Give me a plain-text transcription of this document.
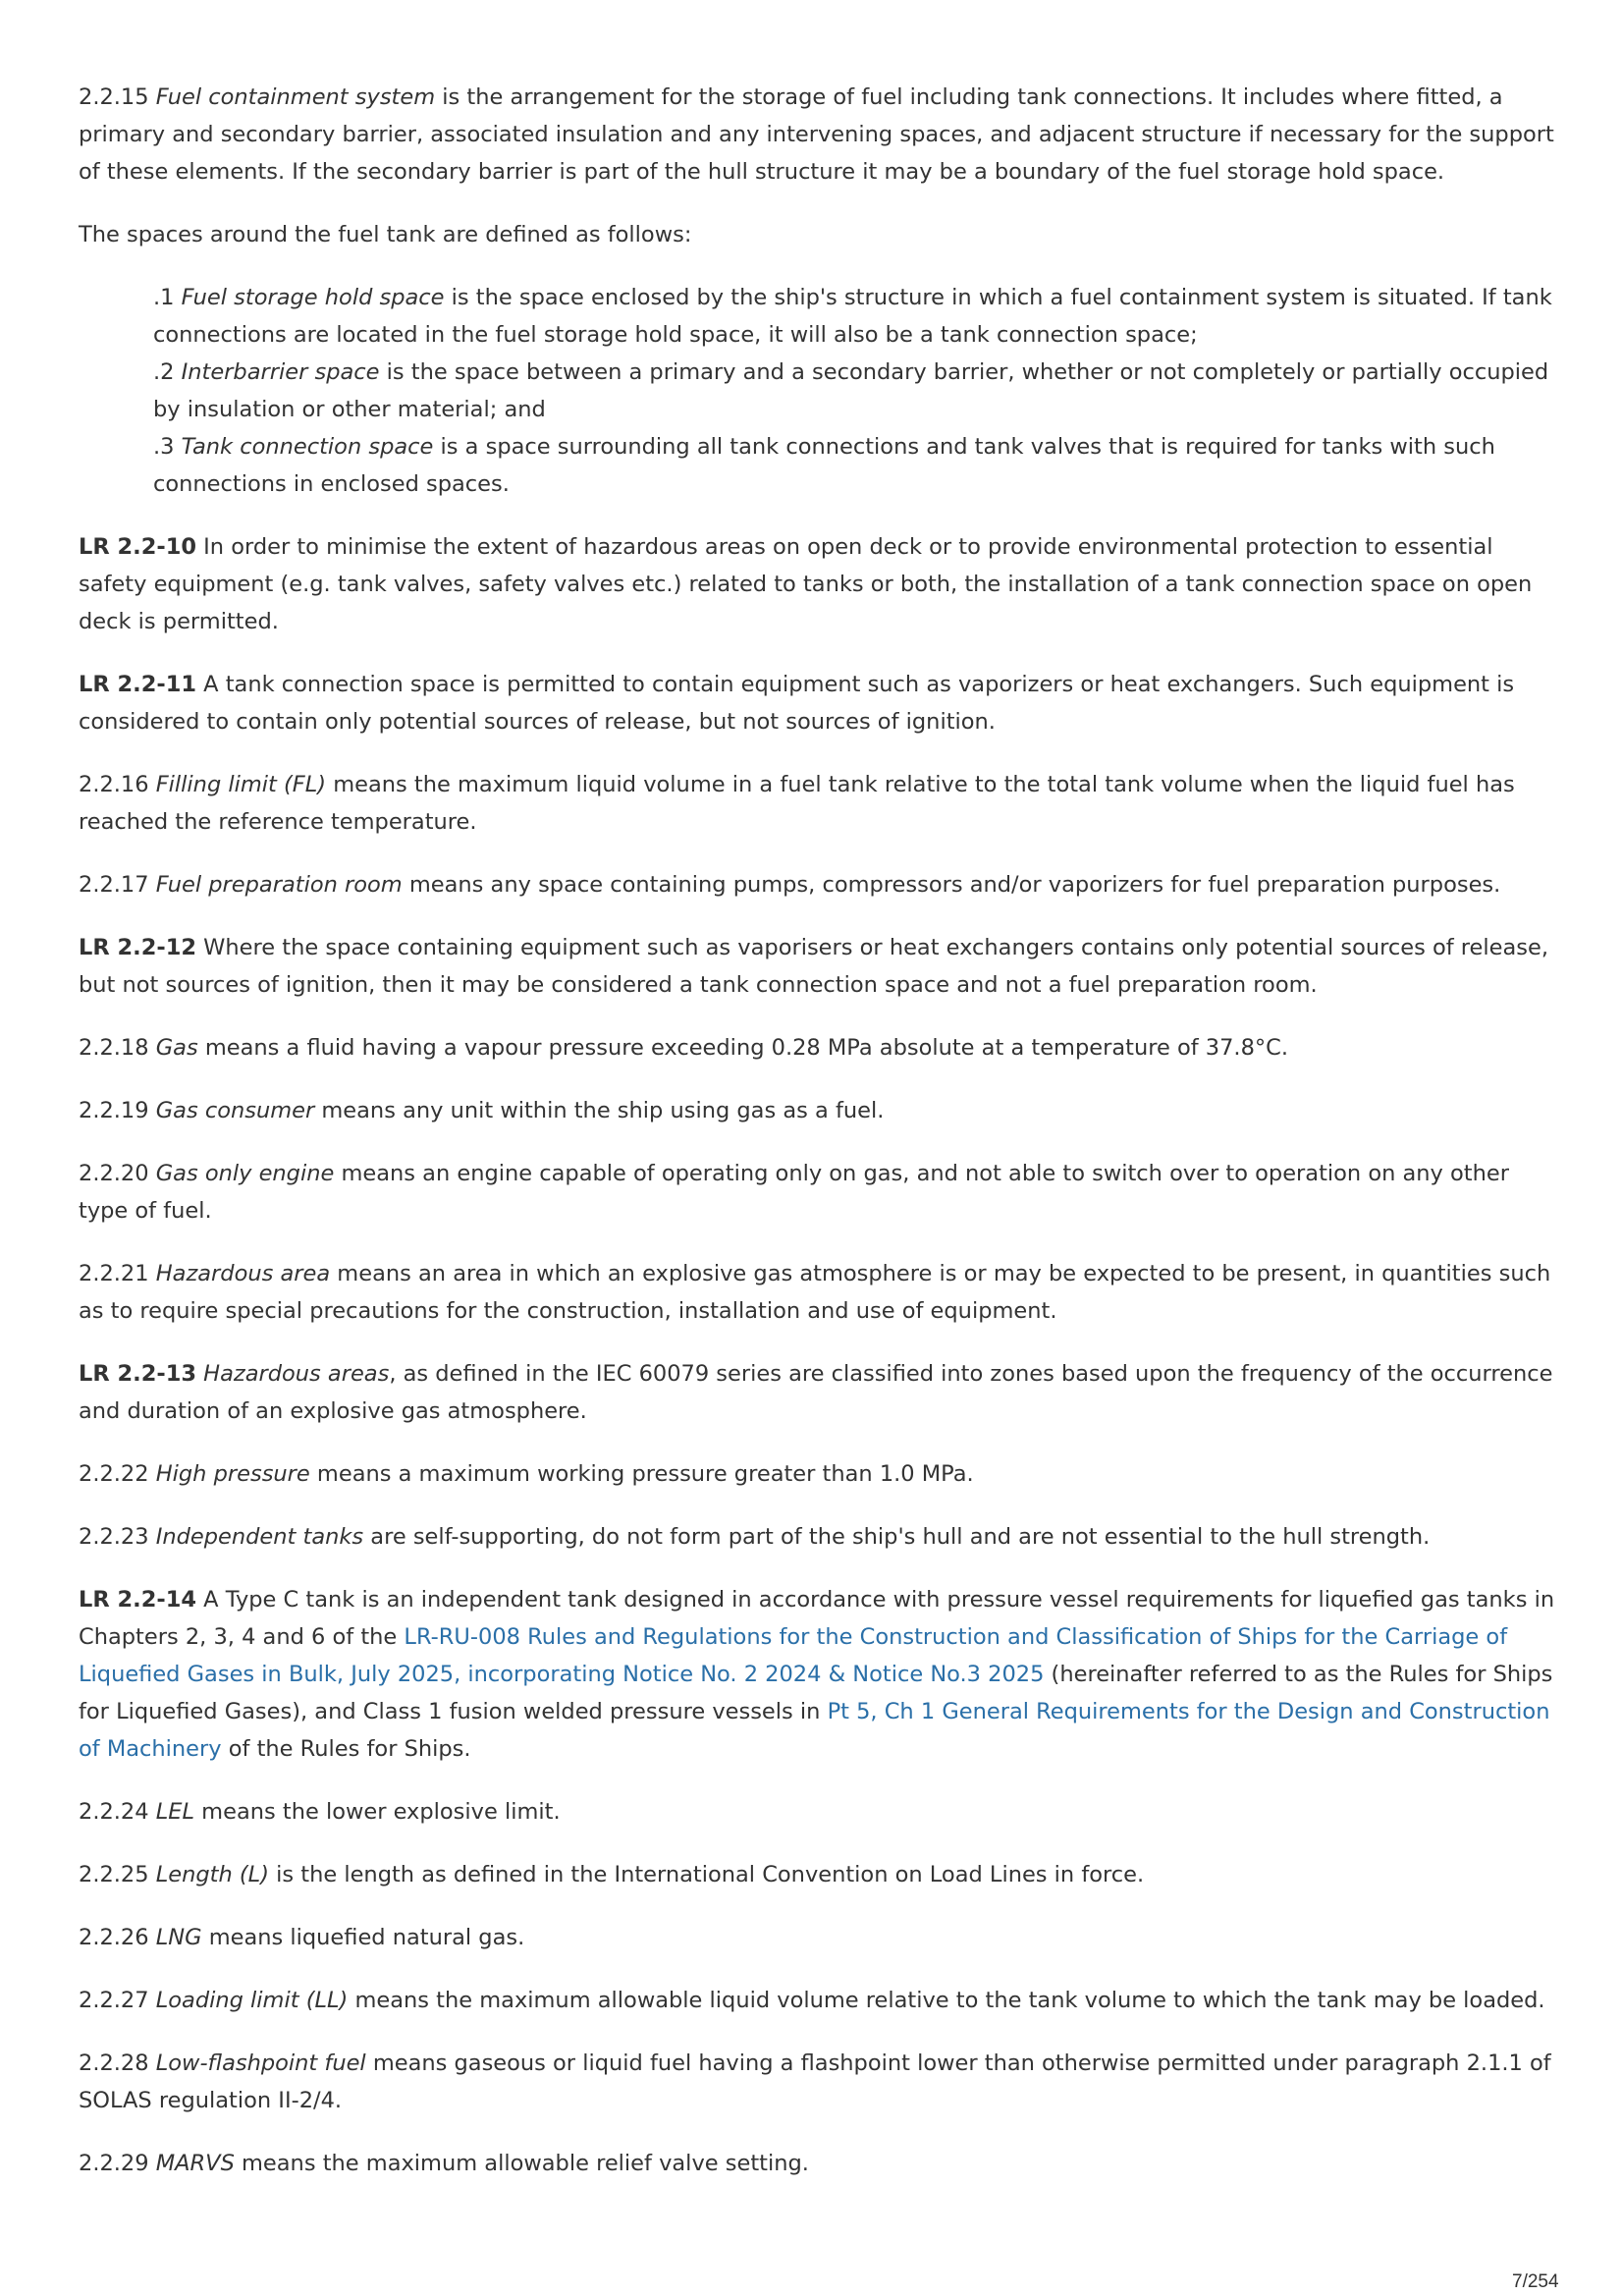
2.2.15 Fuel containment system is the arrangement for the storage of fuel including tank connections. It includes where fitted, a primary and secondary barrier, associated insulation and any intervening spaces, and adjacent structure if necessary for the support of these elements. If the secondary barrier is part of the hull structure it may be a boundary of the fuel storage hold space.

The spaces around the fuel tank are defined as follows:

.1 Fuel storage hold space is the space enclosed by the ship's structure in which a fuel containment system is situated. If tank connections are located in the fuel storage hold space, it will also be a tank connection space;
.2 Interbarrier space is the space between a primary and a secondary barrier, whether or not completely or partially occupied by insulation or other material; and
.3 Tank connection space is a space surrounding all tank connections and tank valves that is required for tanks with such connections in enclosed spaces.

LR 2.2-10 In order to minimise the extent of hazardous areas on open deck or to provide environmental protection to essential safety equipment (e.g. tank valves, safety valves etc.) related to tanks or both, the installation of a tank connection space on open deck is permitted.

LR 2.2-11 A tank connection space is permitted to contain equipment such as vaporizers or heat exchangers. Such equipment is considered to contain only potential sources of release, but not sources of ignition.

2.2.16 Filling limit (FL) means the maximum liquid volume in a fuel tank relative to the total tank volume when the liquid fuel has reached the reference temperature.

2.2.17 Fuel preparation room means any space containing pumps, compressors and/or vaporizers for fuel preparation purposes.

LR 2.2-12 Where the space containing equipment such as vaporisers or heat exchangers contains only potential sources of release, but not sources of ignition, then it may be considered a tank connection space and not a fuel preparation room.

2.2.18 Gas means a fluid having a vapour pressure exceeding 0.28 MPa absolute at a temperature of 37.8°C.

2.2.19 Gas consumer means any unit within the ship using gas as a fuel.

2.2.20 Gas only engine means an engine capable of operating only on gas, and not able to switch over to operation on any other type of fuel.

2.2.21 Hazardous area means an area in which an explosive gas atmosphere is or may be expected to be present, in quantities such as to require special precautions for the construction, installation and use of equipment.

LR 2.2-13 Hazardous areas, as defined in the IEC 60079 series are classified into zones based upon the frequency of the occurrence and duration of an explosive gas atmosphere.

2.2.22 High pressure means a maximum working pressure greater than 1.0 MPa.

2.2.23 Independent tanks are self-supporting, do not form part of the ship's hull and are not essential to the hull strength.

LR 2.2-14 A Type C tank is an independent tank designed in accordance with pressure vessel requirements for liquefied gas tanks in Chapters 2, 3, 4 and 6 of the LR-RU-008 Rules and Regulations for the Construction and Classification of Ships for the Carriage of Liquefied Gases in Bulk, July 2025, incorporating Notice No. 2 2024 & Notice No.3 2025 (hereinafter referred to as the Rules for Ships for Liquefied Gases), and Class 1 fusion welded pressure vessels in Pt 5, Ch 1 General Requirements for the Design and Construction of Machinery of the Rules for Ships.

2.2.24 LEL means the lower explosive limit.

2.2.25 Length (L) is the length as defined in the International Convention on Load Lines in force.

2.2.26 LNG means liquefied natural gas.

2.2.27 Loading limit (LL) means the maximum allowable liquid volume relative to the tank volume to which the tank may be loaded.

2.2.28 Low-flashpoint fuel means gaseous or liquid fuel having a flashpoint lower than otherwise permitted under paragraph 2.1.1 of SOLAS regulation II-2/4.

2.2.29 MARVS means the maximum allowable relief valve setting.

7/254
